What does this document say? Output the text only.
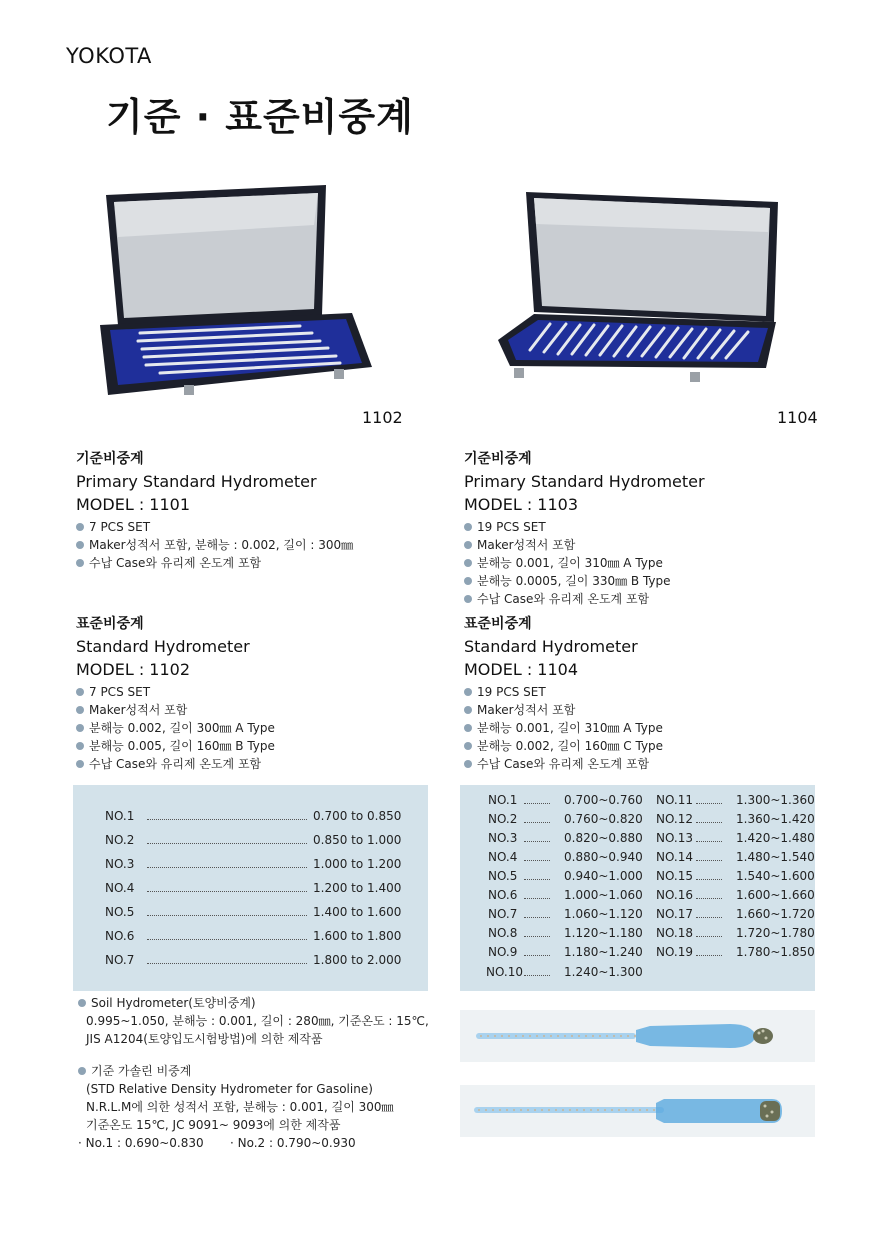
YOKOTA
기준 · 표준비중계
1102	1104
기준비중계
Primary Standard Hydrometer
MODEL : 1101
7 PCS SET
Maker성적서 포함, 분해능 : 0.002, 길이 : 300㎜
수납 Case와 유리제 온도계 포함
기준비중계
Primary Standard Hydrometer
MODEL : 1103
19 PCS SET
Maker성적서 포함
분해능 0.001, 길이 310㎜ A Type
분해능 0.0005, 길이 330㎜ B Type
수납 Case와 유리제 온도계 포함
표준비중계
Standard Hydrometer
MODEL : 1102
7 PCS SET
Maker성적서 포함
분해능 0.002, 길이 300㎜ A Type
분해능 0.005, 길이 160㎜ B Type
수납 Case와 유리제 온도계 포함
표준비중계
Standard Hydrometer
MODEL : 1104
19 PCS SET
Maker성적서 포함
분해능 0.001, 길이 310㎜ A Type
분해능 0.002, 길이 160㎜ C Type
수납 Case와 유리제 온도계 포함
NO.1	0.700 to 0.850
NO.2	0.850 to 1.000
NO.3	1.000 to 1.200
NO.4	1.200 to 1.400
NO.5	1.400 to 1.600
NO.6	1.600 to 1.800
NO.7	1.800 to 2.000
NO.1	0.700~0.760
NO.2	0.760~0.820
NO.3	0.820~0.880
NO.4	0.880~0.940
NO.5	0.940~1.000
NO.6	1.000~1.060
NO.7	1.060~1.120
NO.8	1.120~1.180
NO.9	1.180~1.240
NO.10	1.240~1.300
NO.11	1.300~1.360
NO.12	1.360~1.420
NO.13	1.420~1.480
NO.14	1.480~1.540
NO.15	1.540~1.600
NO.16	1.600~1.660
NO.17	1.660~1.720
NO.18	1.720~1.780
NO.19	1.780~1.850
Soil Hydrometer(토양비중계)
0.995~1.050, 분해능 : 0.001, 길이 : 280㎜, 기준온도 : 15℃,
JIS A1204(토양입도시험방법)에 의한 제작품
기준 가솔린 비중계
(STD Relative Density Hydrometer for Gasoline)
N.R.L.M에 의한 성적서 포함, 분해능 : 0.001, 길이 300㎜
기준온도 15℃, JC 9091~ 9093에 의한 제작품
· No.1 : 0.690~0.830 · No.2 : 0.790~0.930
